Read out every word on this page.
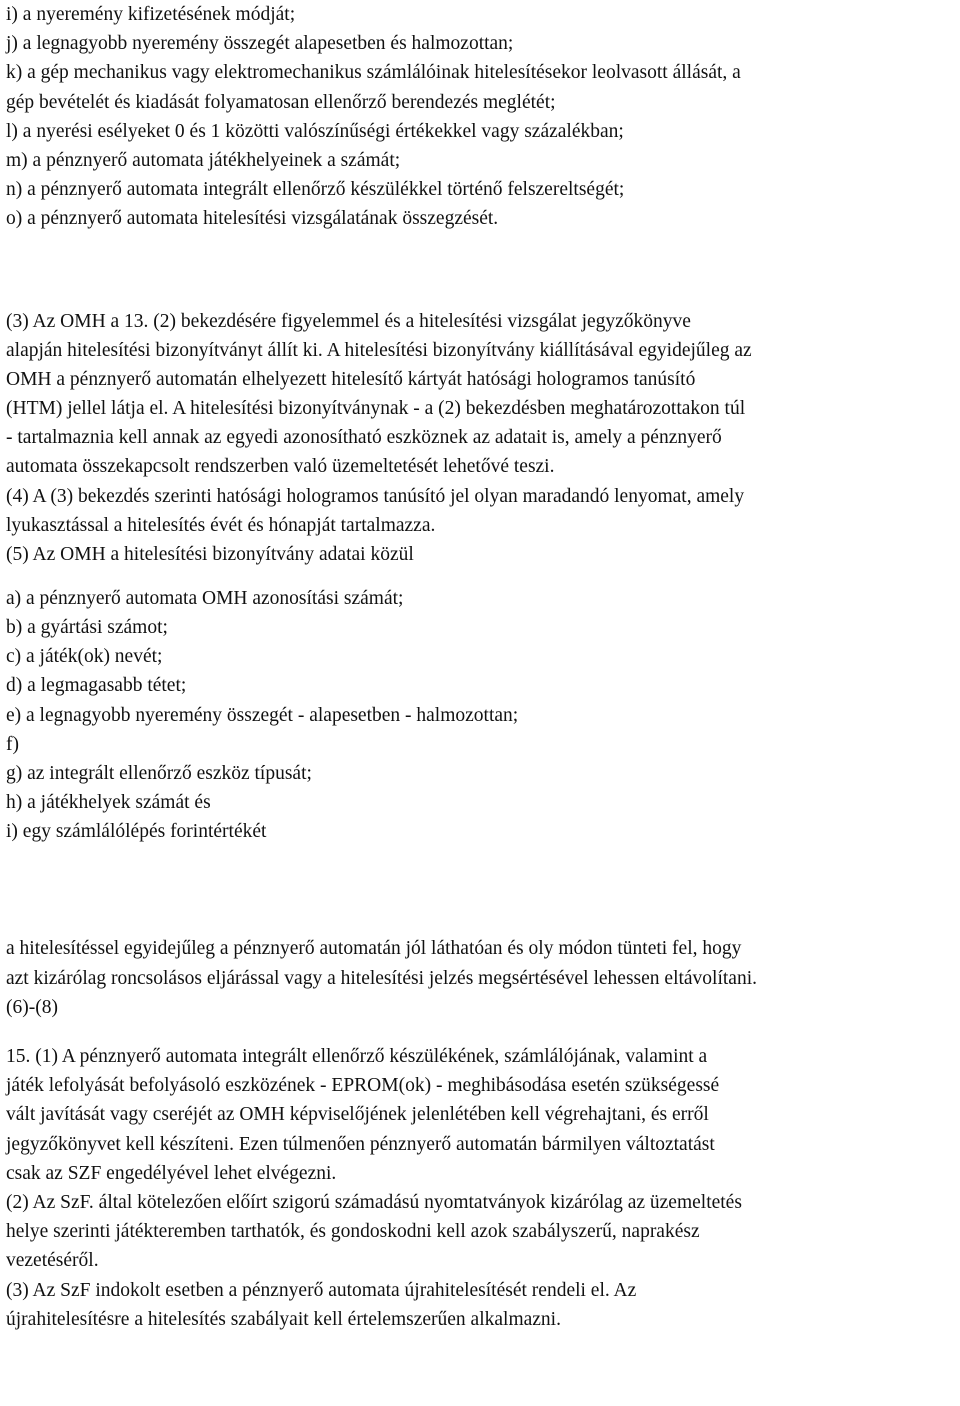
i) a nyeremény kifizetésének módját;
j) a legnagyobb nyeremény összegét alapesetben és halmozottan;
k) a gép mechanikus vagy elektromechanikus számlálóinak hitelesítésekor leolvasott állását, a
gép bevételét és kiadását folyamatosan ellenőrző berendezés meglétét;
l) a nyerési esélyeket 0 és 1 közötti valószínűségi értékekkel vagy százalékban;
m) a pénznyerő automata játékhelyeinek a számát;
n) a pénznyerő automata integrált ellenőrző készülékkel történő felszereltségét;
o) a pénznyerő automata hitelesítési vizsgálatának összegzését.
(3) Az OMH a 13. (2) bekezdésére figyelemmel és a hitelesítési vizsgálat jegyzőkönyve
alapján hitelesítési bizonyítványt állít ki. A hitelesítési bizonyítvány kiállításával egyidejűleg az
OMH a pénznyerő automatán elhelyezett hitelesítő kártyát hatósági hologramos tanúsító
(HTM) jellel látja el. A hitelesítési bizonyítványnak - a (2) bekezdésben meghatározottakon túl
- tartalmaznia kell annak az egyedi azonosítható eszköznek az adatait is, amely a pénznyerő
automata összekapcsolt rendszerben való üzemeltetését lehetővé teszi.
(4) A (3) bekezdés szerinti hatósági hologramos tanúsító jel olyan maradandó lenyomat, amely
lyukasztással a hitelesítés évét és hónapját tartalmazza.
(5) Az OMH a hitelesítési bizonyítvány adatai közül
a) a pénznyerő automata OMH azonosítási számát;
b) a gyártási számot;
c) a játék(ok) nevét;
d) a legmagasabb tétet;
e) a legnagyobb nyeremény összegét - alapesetben - halmozottan;
f)
g) az integrált ellenőrző eszköz típusát;
h) a játékhelyek számát és
i) egy számlálólépés forintértékét
a hitelesítéssel egyidejűleg a pénznyerő automatán jól láthatóan és oly módon tünteti fel, hogy
azt kizárólag roncsolásos eljárással vagy a hitelesítési jelzés megsértésével lehessen eltávolítani.
(6)-(8)
15. (1) A pénznyerő automata integrált ellenőrző készülékének, számlálójának, valamint a
játék lefolyását befolyásoló eszközének - EPROM(ok) - meghibásodása esetén szükségessé
vált javítását vagy cseréjét az OMH képviselőjének jelenlétében kell végrehajtani, és erről
jegyzőkönyvet kell készíteni. Ezen túlmenően pénznyerő automatán bármilyen változtatást
csak az SZF engedélyével lehet elvégezni.
(2) Az SzF. által kötelezően előírt szigorú számadású nyomtatványok kizárólag az üzemeltetés
helye szerinti játékteremben tarthatók, és gondoskodni kell azok szabályszerű, naprakész
vezetéséről.
(3) Az SzF indokolt esetben a pénznyerő automata újrahitelesítését rendeli el. Az
újrahitelesítésre a hitelesítés szabályait kell értelemszerűen alkalmazni.
